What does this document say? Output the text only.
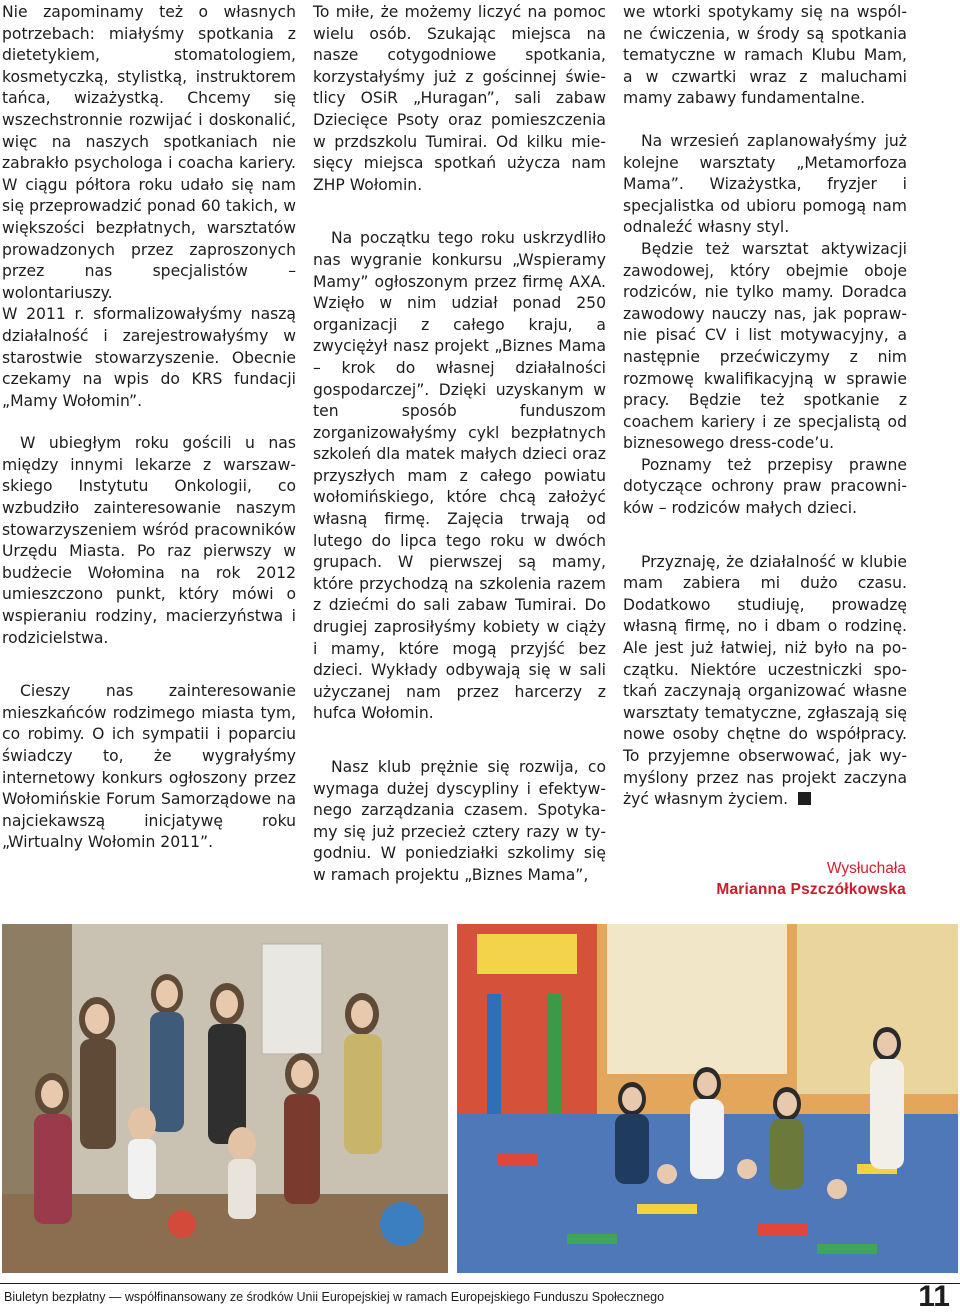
Nie zapominamy też o własnych potrzebach: miałyśmy spotkania z dietetykiem, stomatologiem, kosmetyczką, stylistką, instruktorem tańca, wizażystką. Chcemy się wszechstronnie rozwijać i doskonalić, więc na naszych spotkaniach nie zabrakło psychologa i coacha kariery. W ciągu półtora roku udało się nam się przeprowadzić ponad 60 takich, w większości bezpłatnych, warsztatów prowadzonych przez zaproszonych przez nas specjalistów – wolontariuszy.

W 2011 r. sformalizowałyśmy naszą działalność i zarejestrowałyśmy w starostwie stowarzyszenie. Obecnie czekamy na wpis do KRS fundacji „Mamy Wołomin”.

W ubiegłym roku gościli u nas między innymi lekarze z warszawskiego Instytutu Onkologii, co wzbudziło zainteresowanie naszym stowarzyszeniem wśród pracowników Urzędu Miasta. Po raz pierwszy w budżecie Wołomina na rok 2012 umieszczono punkt, który mówi o wspieraniu rodziny, macierzyństwa i rodzicielstwa.

Cieszy nas zainteresowanie mieszkańców rodzimego miasta tym, co robimy. O ich sympatii i poparciu świadczy to, że wygrałyśmy internetowy konkurs ogłoszony przez Wołomińskie Forum Samorządowe na najciekawszą inicjatywę roku „Wirtualny Wołomin 2011”.

To miłe, że możemy liczyć na pomoc wielu osób. Szukając miejsca na nasze cotygodniowe spotkania, korzystałyśmy już z gościnnej świetlicy OSiR „Huragan”, sali zabaw Dziecięce Psoty oraz pomieszczenia w przdszkolu Tumirai. Od kilku miesięcy miejsca spotkań użycza nam ZHP Wołomin.

Na początku tego roku uskrzydliło nas wygranie konkursu „Wspieramy Mamy” ogłoszonym przez firmę AXA. Wzięło w nim udział ponad 250 organizacji z całego kraju, a zwyciężył nasz projekt „Biznes Mama – krok do własnej działalności gospodarczej”. Dzięki uzyskanym w ten sposób funduszom zorganizowałyśmy cykl bezpłatnych szkoleń dla matek małych dzieci oraz przyszłych mam z całego powiatu wołomińskiego, które chcą założyć własną firmę. Zajęcia trwają od lutego do lipca tego roku w dwóch grupach. W pierwszej są mamy, które przychodzą na szkolenia razem z dziećmi do sali zabaw Tumirai. Do drugiej zaprosiłyśmy kobiety w ciąży i mamy, które mogą przyjść bez dzieci. Wykłady odbywają się w sali użyczanej nam przez harcerzy z hufca Wołomin.

Nasz klub prężnie się rozwija, co wymaga dużej dyscypliny i efektywnego zarządzania czasem. Spotykamy się już przecież cztery razy w tygodniu. W poniedziałki szkolimy się w ramach projektu „Biznes Mama”,

we wtorki spotykamy się na wspólne ćwiczenia, w środy są spotkania tematyczne w ramach Klubu Mam, a w czwartki wraz z maluchami mamy zabawy fundamentalne.

Na wrzesień zaplanowałyśmy już kolejne warsztaty „Metamorfoza Mama”. Wizażystka, fryzjer i specjalistka od ubioru pomogą nam odnaleźć własny styl.

Będzie też warsztat aktywizacji zawodowej, który obejmie oboje rodziców, nie tylko mamy. Doradca zawodowy nauczy nas, jak poprawnie pisać CV i list motywacyjny, a następnie przećwiczymy z nim rozmowę kwalifikacyjną w sprawie pracy. Będzie też spotkanie z coachem kariery i ze specjalistą od biznesowego dress-code’u.

Poznamy też przepisy prawne dotyczące ochrony praw pracowników – rodziców małych dzieci.

Przyznaję, że działalność w klubie mam zabiera mi dużo czasu. Dodatkowo studiuję, prowadzę własną firmę, no i dbam o rodzinę. Ale jest już łatwiej, niż było na początku. Niektóre uczestniczki spotkań zaczynają organizować własne warsztaty tematyczne, zgłaszają się nowe osoby chętne do współpracy. To przyjemne obserwować, jak wymyślony przez nas projekt zaczyna żyć własnym życiem.

Wysłuchała
Marianna Pszczółkowska
Biuletyn bezpłatny — współfinansowany ze środków Unii Europejskiej w ramach Europejskiego Funduszu Społecznego	11
